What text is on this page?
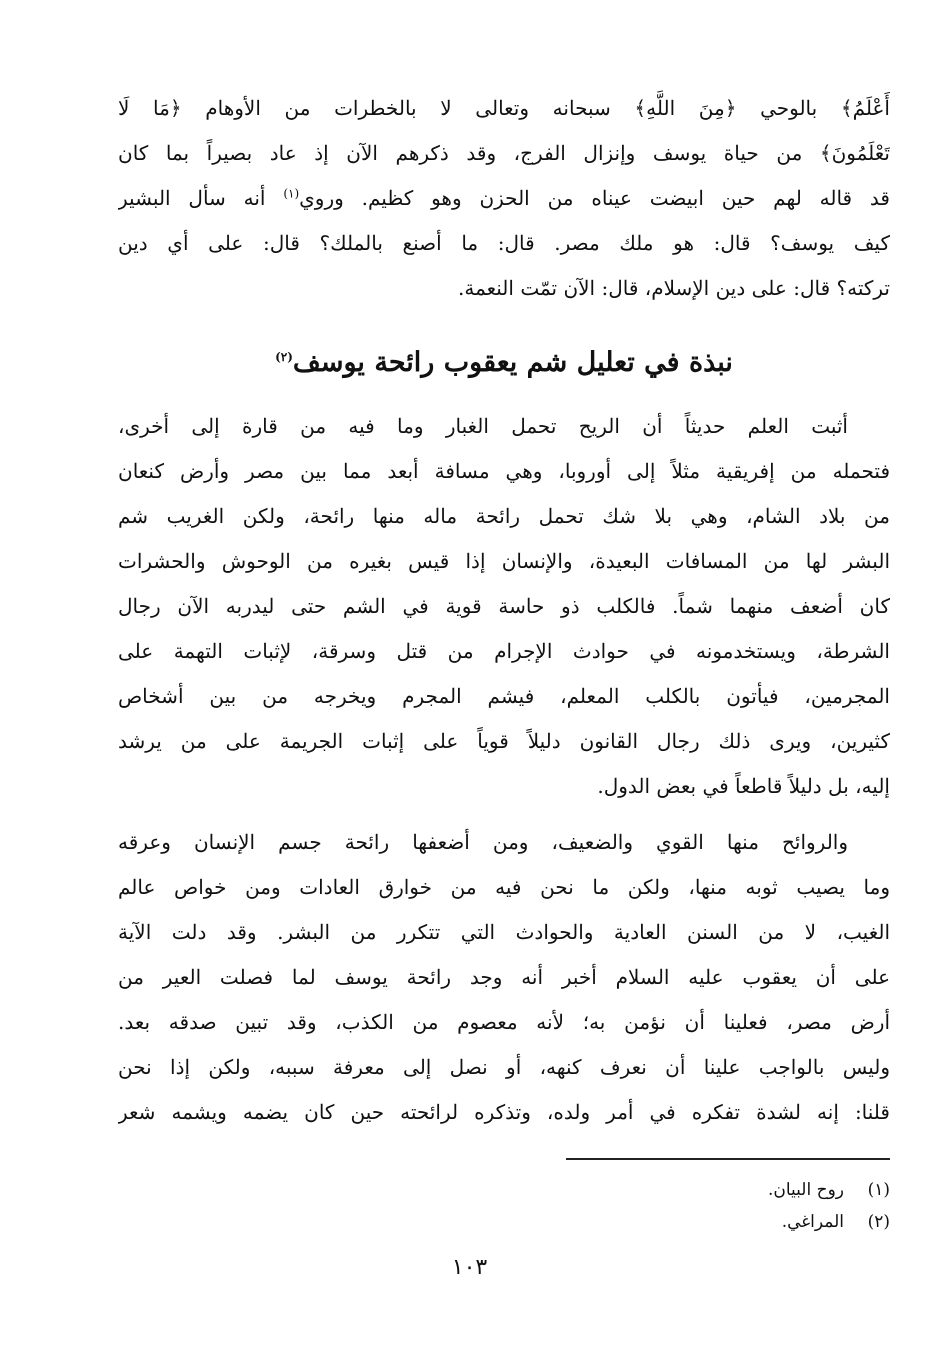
أَعْلَمُ﴾ بالوحي ﴿مِنَ اللَّهِ﴾ سبحانه وتعالى لا بالخطرات من الأوهام ﴿مَا لَا
تَعْلَمُونَ﴾ من حياة يوسف وإنزال الفرج، وقد ذكرهم الآن إذ عاد بصيراً بما كان
قد قاله لهم حين ابيضت عيناه من الحزن وهو كظيم. وروي$^{(١)}$ أنه سأل البشير
كيف يوسف؟ قال: هو ملك مصر. قال: ما أصنع بالملك؟ قال: على أي دين
تركته؟ قال: على دين الإسلام، قال: الآن تمّت النعمة.
نبذة في تعليل شم يعقوب رائحة يوسف$^{(٢)}$
أثبت العلم حديثاً أن الريح تحمل الغبار وما فيه من قارة إلى أخرى،
فتحمله من إفريقية مثلاً إلى أوروبا، وهي مسافة أبعد مما بين مصر وأرض كنعان
من بلاد الشام، وهي بلا شك تحمل رائحة ماله منها رائحة، ولكن الغريب شم
البشر لها من المسافات البعيدة، والإنسان إذا قيس بغيره من الوحوش والحشرات
كان أضعف منهما شماً. فالكلب ذو حاسة قوية في الشم حتى ليدربه الآن رجال
الشرطة، ويستخدمونه في حوادث الإجرام من قتل وسرقة، لإثبات التهمة على
المجرمين، فيأتون بالكلب المعلم، فيشم المجرم ويخرجه من بين أشخاص
كثيرين، ويرى ذلك رجال القانون دليلاً قوياً على إثبات الجريمة على من يرشد
إليه، بل دليلاً قاطعاً في بعض الدول.
والروائح منها القوي والضعيف، ومن أضعفها رائحة جسم الإنسان وعرقه
وما يصيب ثوبه منها، ولكن ما نحن فيه من خوارق العادات ومن خواص عالم
الغيب، لا من السنن العادية والحوادث التي تتكرر من البشر. وقد دلت الآية
على أن يعقوب عليه السلام أخبر أنه وجد رائحة يوسف لما فصلت العير من
أرض مصر، فعلينا أن نؤمن به؛ لأنه معصوم من الكذب، وقد تبين صدقه بعد.
وليس بالواجب علينا أن نعرف كنهه، أو نصل إلى معرفة سببه، ولكن إذا نحن
قلنا: إنه لشدة تفكره في أمر ولده، وتذكره لرائحته حين كان يضمه ويشمه شعر
(١)روح البيان.
(٢)المراغي.
١٠٣
